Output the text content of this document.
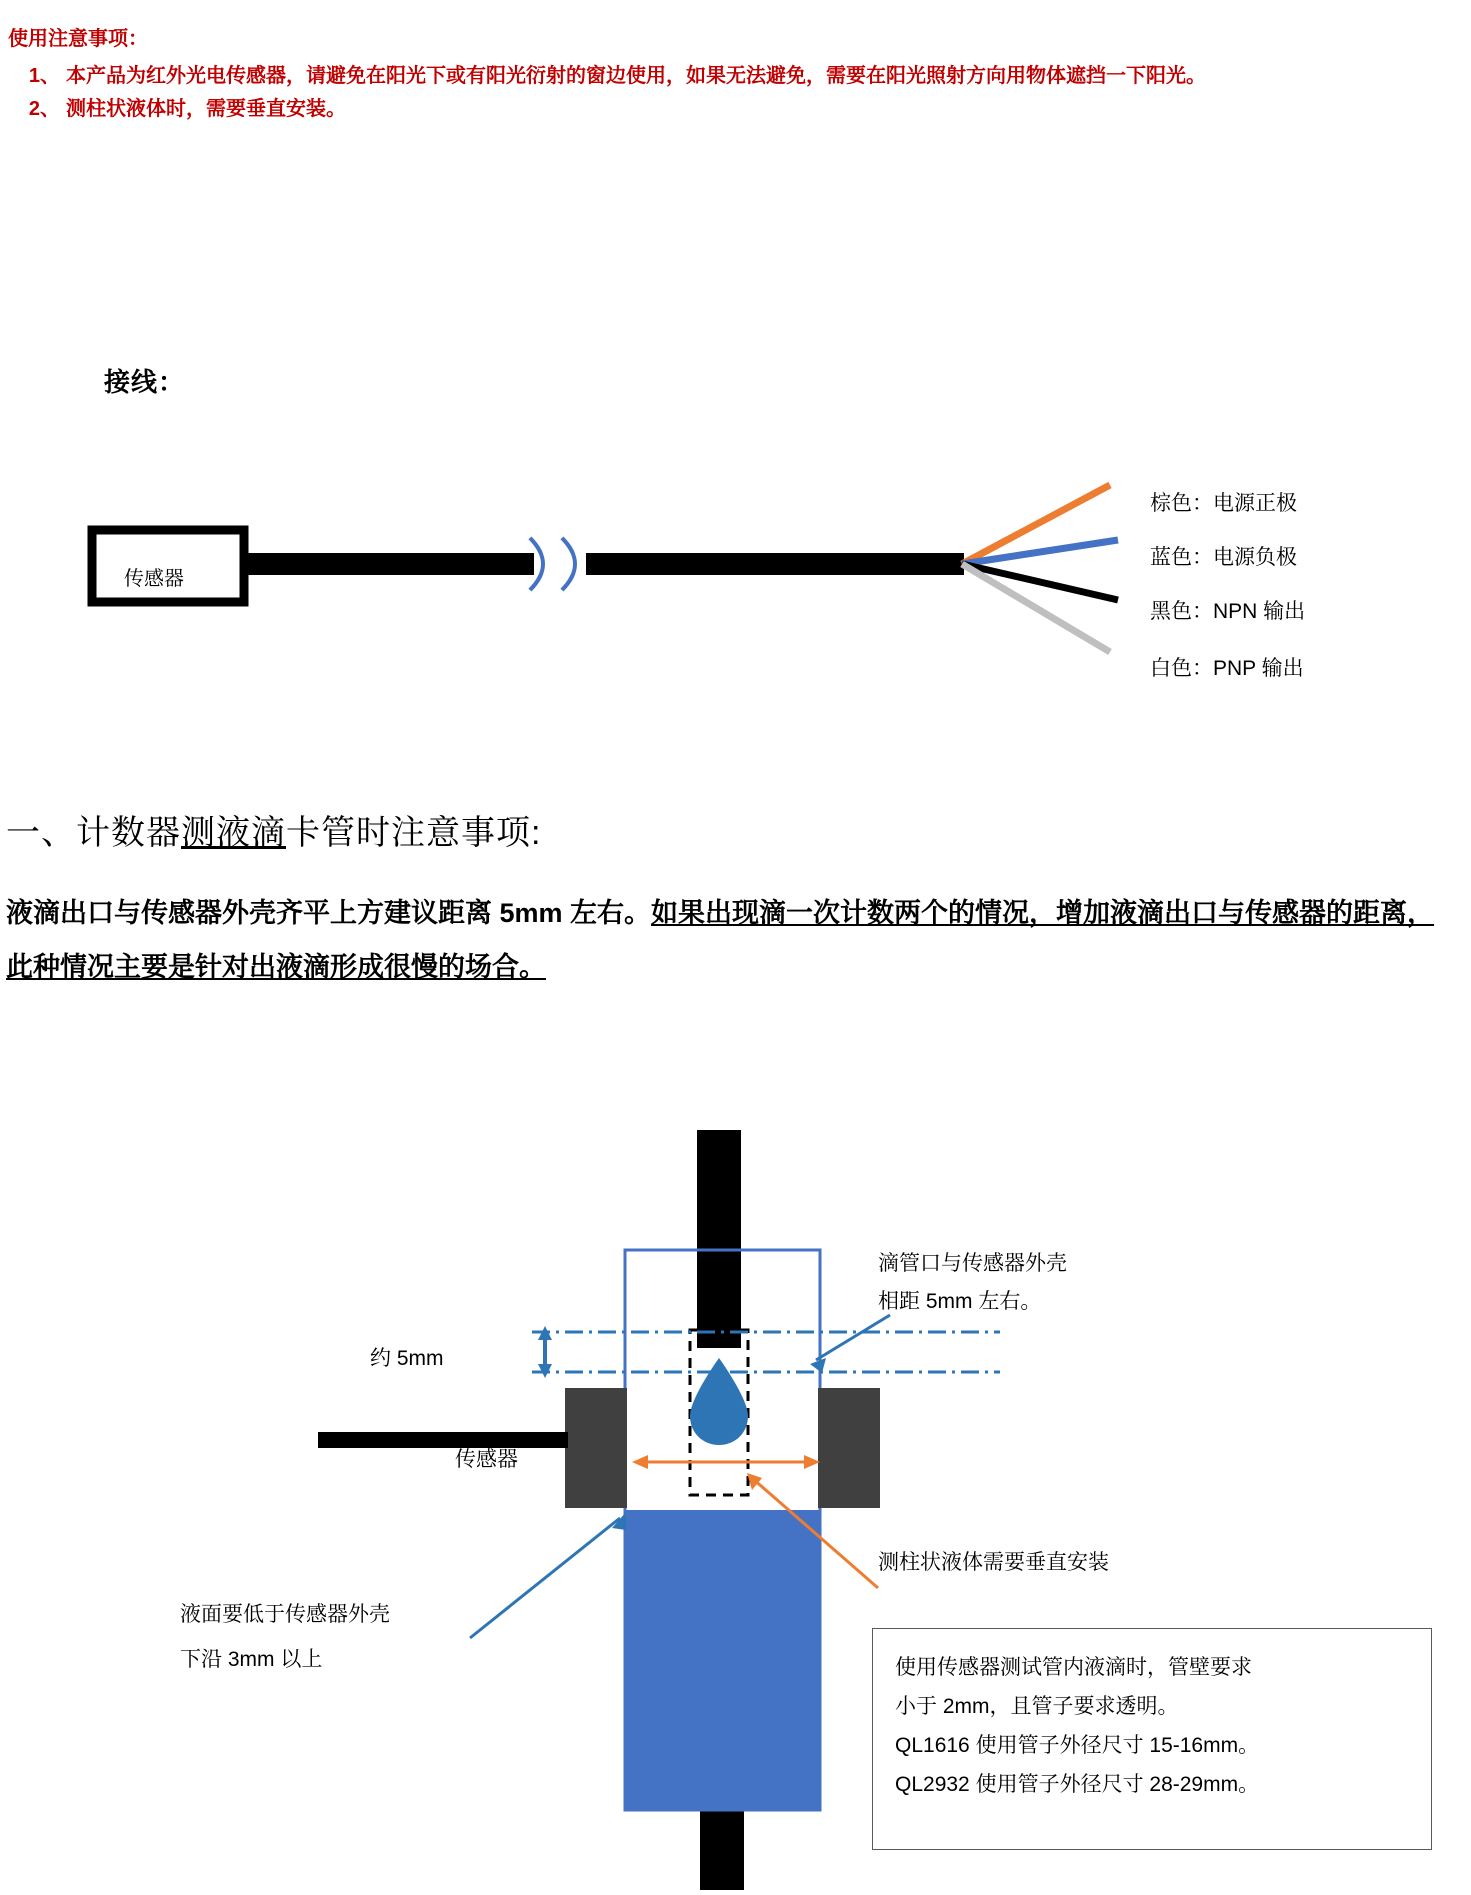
使用注意事项：
1、 本产品为红外光电传感器，请避免在阳光下或有阳光衍射的窗边使用，如果无法避免，需要在阳光照射方向用物体遮挡一下阳光。
2、 测柱状液体时，需要垂直安装。
接线：
传感器
棕色：电源正极
蓝色：电源负极
黑色：NPN 输出
白色：PNP 输出
一、计数器测液滴卡管时注意事项:
液滴出口与传感器外壳齐平上方建议距离 5mm 左右。如果出现滴一次计数两个的情况，增加液滴出口与传感器的距离，此种情况主要是针对出液滴形成很慢的场合。
滴管口与传感器外壳
相距 5mm 左右。
约 5mm
传感器
测柱状液体需要垂直安装
液面要低于传感器外壳
下沿 3mm 以上	使用传感器测试管内液滴时，管壁要求
小于 2mm，且管子要求透明。
QL1616 使用管子外径尺寸 15-16mm。
QL2932 使用管子外径尺寸 28-29mm。
